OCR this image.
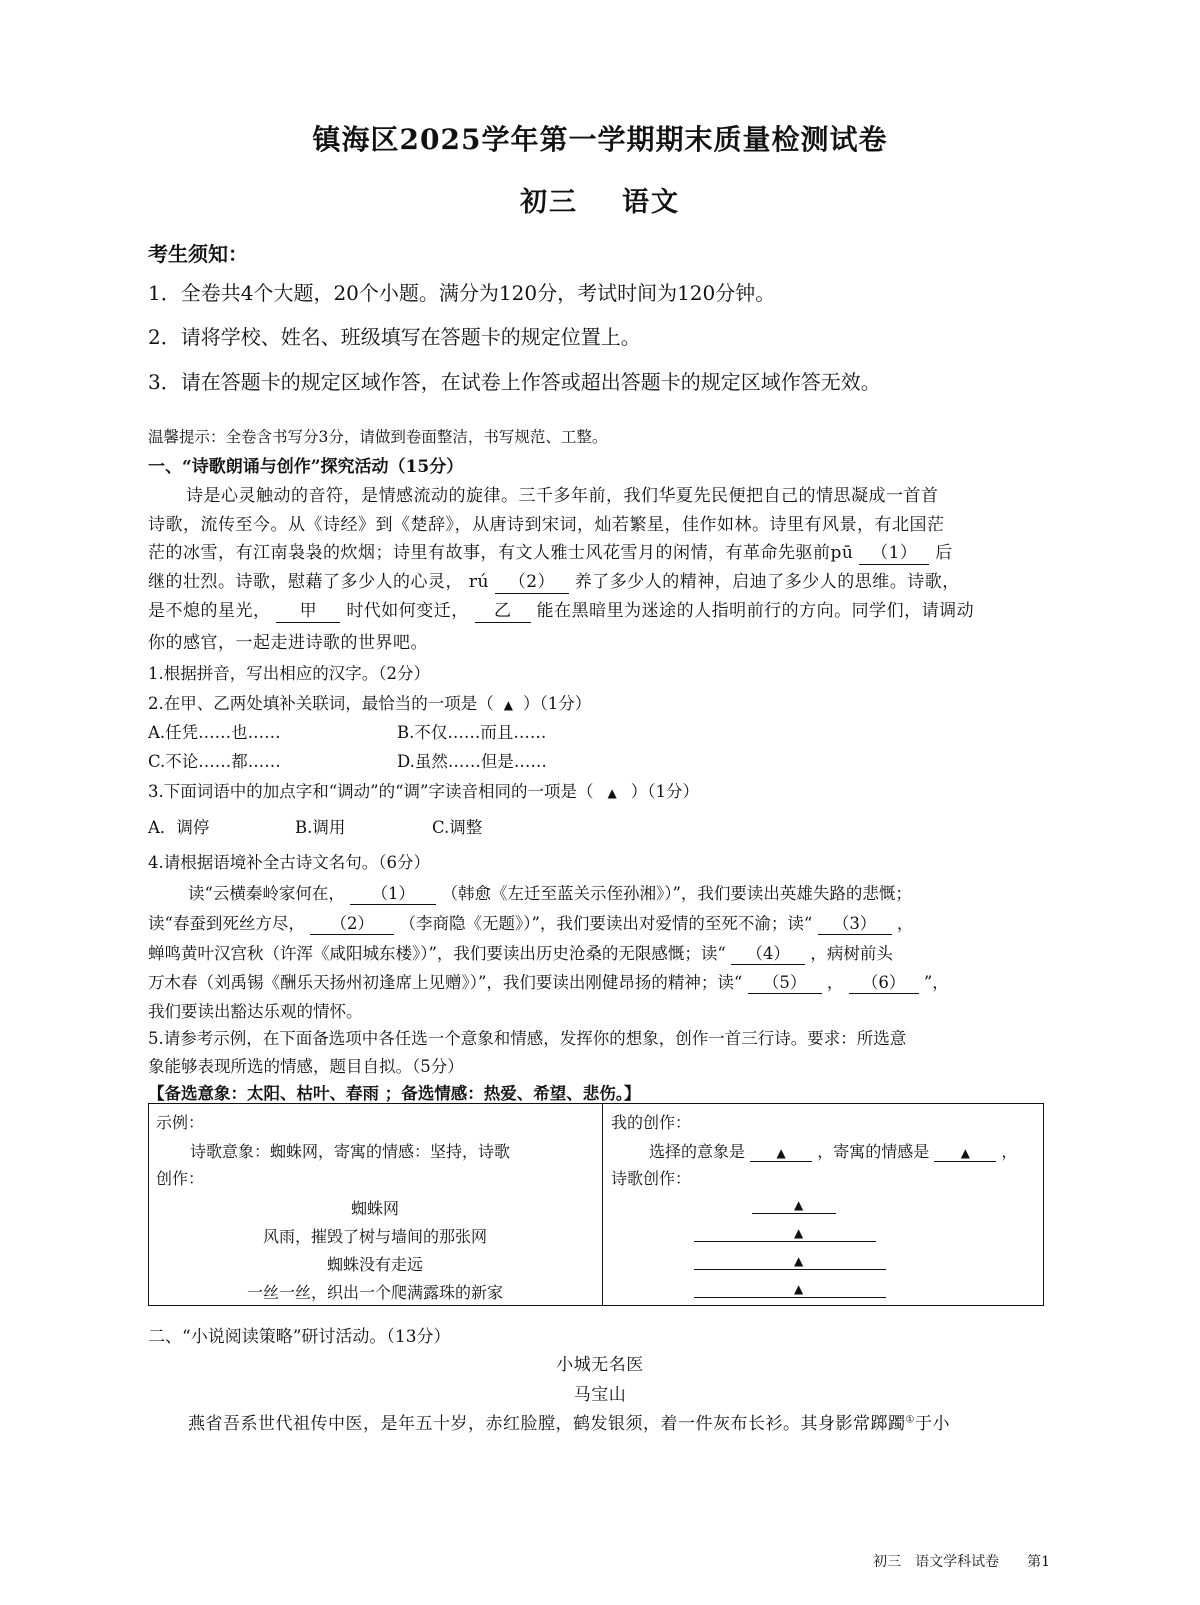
镇海区2025学年第一学期期末质量检测试卷
初三 语文
考生须知：
1．全卷共4个大题，20个小题。满分为120分，考试时间为120分钟。
2．请将学校、姓名、班级填写在答题卡的规定位置上。
3．请在答题卡的规定区域作答，在试卷上作答或超出答题卡的规定区域作答无效。
温馨提示：全卷含书写分3分，请做到卷面整洁，书写规范、工整。
一、“诗歌朗诵与创作”探究活动（15分）
诗是心灵触动的音符，是情感流动的旋律。三千多年前，我们华夏先民便把自己的情思凝成一首首
诗歌，流传至今。从《诗经》到《楚辞》，从唐诗到宋词，灿若繁星，佳作如林。诗里有风景，有北国茫
茫的冰雪，有江南袅袅的炊烟；诗里有故事，有文人雅士风花雪月的闲情，有革命先驱前pū （1） 后
继的壮烈。诗歌，慰藉了多少人的心灵， rú （2） 养了多少人的精神，启迪了多少人的思维。诗歌，
是不熄的星光， 甲 时代如何变迁， 乙 能在黑暗里为迷途的人指明前行的方向。同学们，请调动
你的感官，一起走进诗歌的世界吧。
1.根据拼音，写出相应的汉字。（2分）
2.在甲、乙两处填补关联词，最恰当的一项是（ ▲ ）（1分）
A.任凭……也……	B.不仅……而且……
C.不论……都……	D.虽然……但是……
3.下面词语中的加点字和“调动”的“调”字读音相同的一项是（ ▲ ）（1分）
A．调停	B.调用	C.调整
4.请根据语境补全古诗文名句。（6分）
读“云横秦岭家何在， （1） （韩愈《左迁至蓝关示侄孙湘》）”，我们要读出英雄失路的悲慨；
读“春蚕到死丝方尽， （2） （李商隐《无题》）”，我们要读出对爱情的至死不渝；读“ （3） ，
蝉鸣黄叶汉宫秋（许浑《咸阳城东楼》）”，我们要读出历史沧桑的无限感慨；读“ （4） ，病树前头
万木春（刘禹锡《酬乐天扬州初逢席上见赠》）”，我们要读出刚健昂扬的精神；读“ （5） ， （6） ”，
我们要读出豁达乐观的情怀。
5.请参考示例，在下面备选项中各任选一个意象和情感，发挥你的想象，创作一首三行诗。要求：所选意
象能够表现所选的情感，题目自拟。（5分）
【备选意象：太阳、枯叶、春雨 ；备选情感：热爱、希望、悲伤。】
示例：
诗歌意象：蜘蛛网，寄寓的情感：坚持，诗歌
创作：
蜘蛛网
风雨，摧毁了树与墙间的那张网
蜘蛛没有走远
一丝一丝，织出一个爬满露珠的新家
我的创作：
选择的意象是	▲ ，寄寓的情感是	▲ ，
诗歌创作：
▲
▲
▲
▲
二、“小说阅读策略”研讨活动。（13分）
小城无名医
马宝山
燕省吾系世代祖传中医，是年五十岁，赤红脸膛，鹤发银须，着一件灰布长衫。其身影常踯躅①于小
初三　语文学科试卷　　第1
